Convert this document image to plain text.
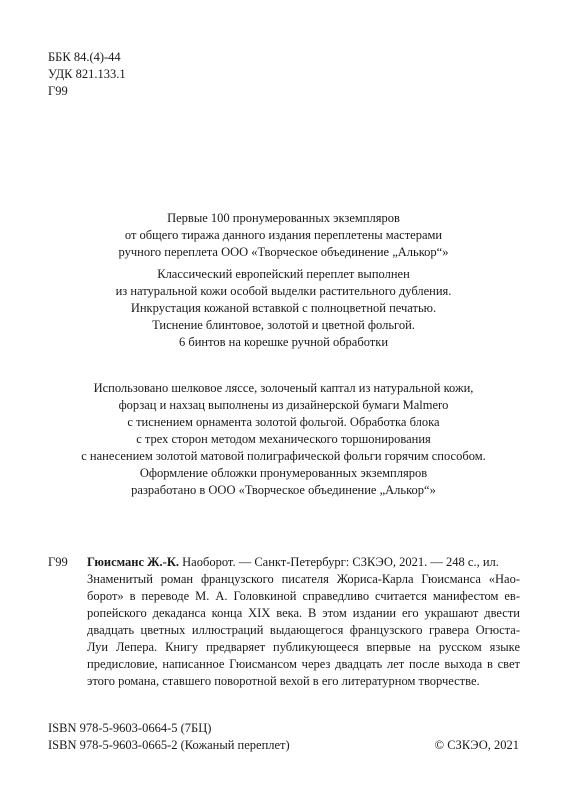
ББК 84.(4)-44
УДК 821.133.1
Г99
Первые 100 пронумерованных экземпляров
от общего тиража данного издания переплетены мастерами
ручного переплета ООО «Творческое объединение „Алькор“»
Классический европейский переплет выполнен
из натуральной кожи особой выделки растительного дубления.
Инкрустация кожаной вставкой с полноцветной печатью.
Тиснение блинтовое, золотой и цветной фольгой.
6 бинтов на корешке ручной обработки
Использовано шелковое ляссе, золоченый каптал из натуральной кожи,
форзац и нахзац выполнены из дизайнерской бумаги Malmero
с тиснением орнамента золотой фольгой. Обработка блока
с трех сторон методом механического торшонирования
с нанесением золотой матовой полиграфической фольги горячим способом.
Оформление обложки пронумерованных экземпляров
разработано в ООО «Творческое объединение „Алькор“»
Г99 Гюисманс Ж.-К. Наоборот. — Санкт-Петербург: СЗКЭО, 2021. — 248 с., ил.
Знаменитый роман французского писателя Жориса-Карла Гюисманса «Нао-
борот» в переводе М. А. Головкиной справедливо считается манифестом ев-
ропейского декаданса конца XIX века. В этом издании его украшают двести
двадцать цветных иллюстраций выдающегося французского гравера Огюста-
Луи Лепера. Книгу предваряет публикующееся впервые на русском языке
предисловие, написанное Гюисмансом через двадцать лет после выхода в свет
этого романа, ставшего поворотной вехой в его литературном творчестве.
ISBN 978-5-9603-0664-5 (7БЦ)
ISBN 978-5-9603-0665-2 (Кожаный переплет)	© СЗКЭО, 2021
